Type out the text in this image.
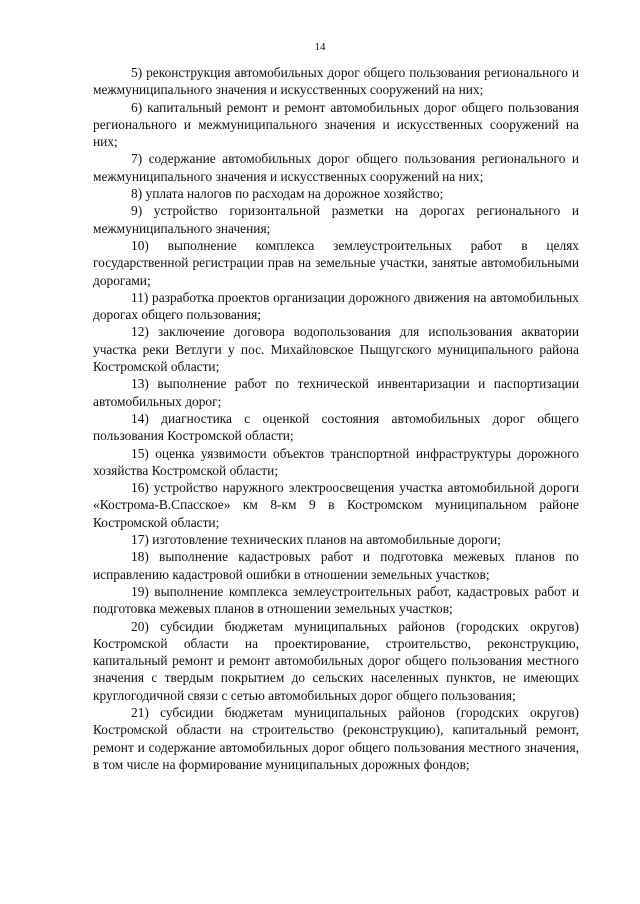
14

5) реконструкция автомобильных дорог общего пользования регионального и межмуниципального значения и искусственных сооружений на них;

6) капитальный ремонт и ремонт автомобильных дорог общего пользования регионального и межмуниципального значения и искусственных сооружений на них;

7) содержание автомобильных дорог общего пользования регионального и межмуниципального значения и искусственных сооружений на них;

8) уплата налогов по расходам на дорожное хозяйство;

9) устройство горизонтальной разметки на дорогах регионального и межмуниципального значения;

10) выполнение комплекса землеустроительных работ в целях государственной регистрации прав на земельные участки, занятые автомобильными дорогами;

11) разработка проектов организации дорожного движения на автомобильных дорогах общего пользования;

12) заключение договора водопользования для использования акватории участка реки Ветлуги у пос. Михайловское Пыщугского муниципального района Костромской области;

13) выполнение работ по технической инвентаризации и паспортизации автомобильных дорог;

14) диагностика с оценкой состояния автомобильных дорог общего пользования Костромской области;

15) оценка уязвимости объектов транспортной инфраструктуры дорожного хозяйства Костромской области;

16) устройство наружного электроосвещения участка автомобильной дороги «Кострома-В.Спасское» км 8-км 9 в Костромском муниципальном районе Костромской области;

17) изготовление технических планов на автомобильные дороги;

18) выполнение кадастровых работ и подготовка межевых планов по исправлению кадастровой ошибки в отношении земельных участков;

19) выполнение комплекса землеустроительных работ, кадастровых работ и подготовка межевых планов в отношении земельных участков;

20) субсидии бюджетам муниципальных районов (городских округов) Костромской области на проектирование, строительство, реконструкцию, капитальный ремонт и ремонт автомобильных дорог общего пользования местного значения с твердым покрытием до сельских населенных пунктов, не имеющих круглогодичной связи с сетью автомобильных дорог общего пользования;

21) субсидии бюджетам муниципальных районов (городских округов) Костромской области на строительство (реконструкцию), капитальный ремонт, ремонт и содержание автомобильных дорог общего пользования местного значения, в том числе на формирование муниципальных дорожных фондов;
